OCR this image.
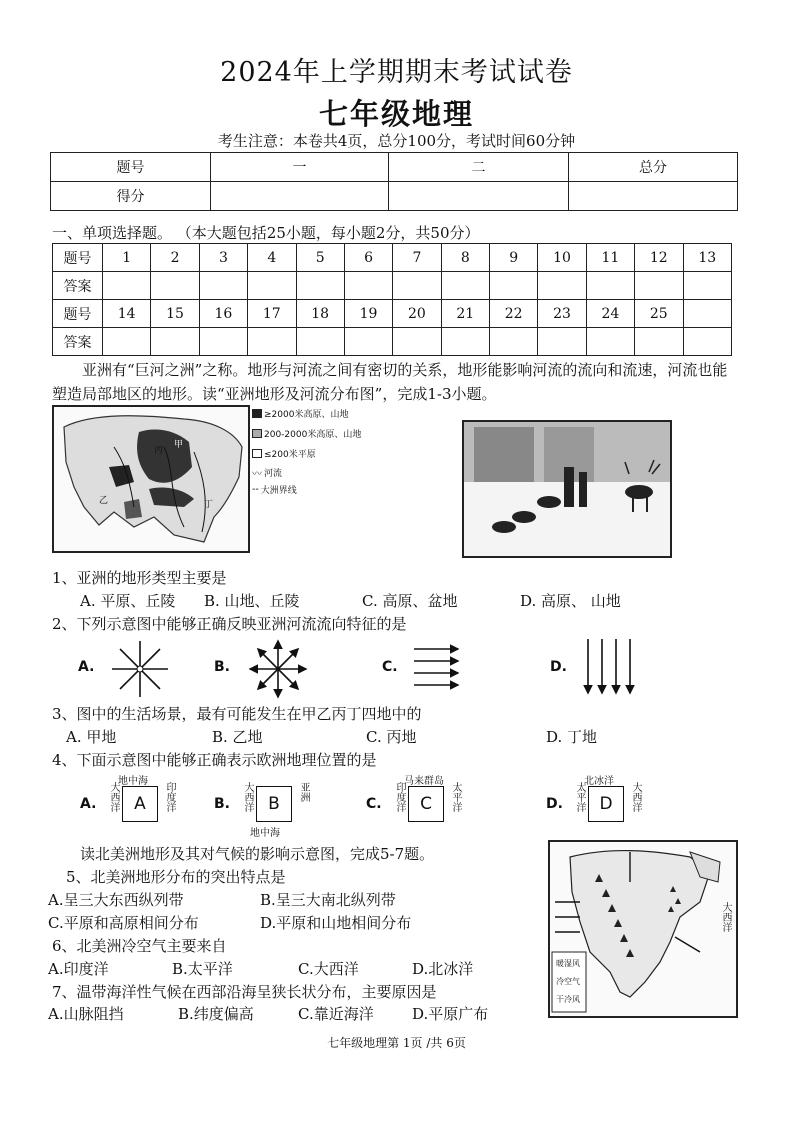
2024年上学期期末考试试卷
七年级地理
考生注意：本卷共4页，总分100分，考试时间60分钟
题号	一	二	总分
得分			
一、单项选择题。 （本大题包括25小题，每小题2分，共50分）
题号	1	2	3	4	5	6	7	8	9	10	11	12	13
答案													
题号	14	15	16	17	18	19	20	21	22	23	24	25	
答案													
亚洲有“巨河之洲”之称。地形与河流之间有密切的关系，地形能影响河流的流向和流速，河流也能塑造局部地区的地形。读“亚洲地形及河流分布图”，完成1-3小题。
甲
丙
乙	丁
≥2000米高原、山地
200-2000米高原、山地
≤200米平原
〰 河流
‐‐ 大洲界线
1、亚洲的地形类型主要是
A. 平原、丘陵 B. 山地、丘陵	C. 高原、盆地	D. 高原、 山地
2、下列示意图中能够正确反映亚洲河流流向特征的是
A.	B.	C.	D.
3、图中的生活场景，最有可能发生在甲乙丙丁四地中的
A. 甲地	B. 乙地	C. 丙地	D. 丁地
4、下面示意图中能够正确表示欧洲地理位置的是
A.	A
地中海
大西洋	印度洋	B.	B
大西洋	亚洲
地中海
C.	C
马来群岛
印度洋	太平洋	D.	D
北冰洋
太平洋	大西洋
读北美洲地形及其对气候的影响示意图，完成5-7题。
大西洋
暖湿风
冷空气
干冷风
5、北美洲地形分布的突出特点是
A.呈三大东西纵列带	B.呈三大南北纵列带
C.平原和高原相间分布	D.平原和山地相间分布
6、北美洲冷空气主要来自
A.印度洋	B.太平洋	C.大西洋	D.北冰洋
7、温带海洋性气候在西部沿海呈狭长状分布，主要原因是
A.山脉阻挡	B.纬度偏高	C.靠近海洋	D.平原广布
七年级地理第 1页 /共 6页
